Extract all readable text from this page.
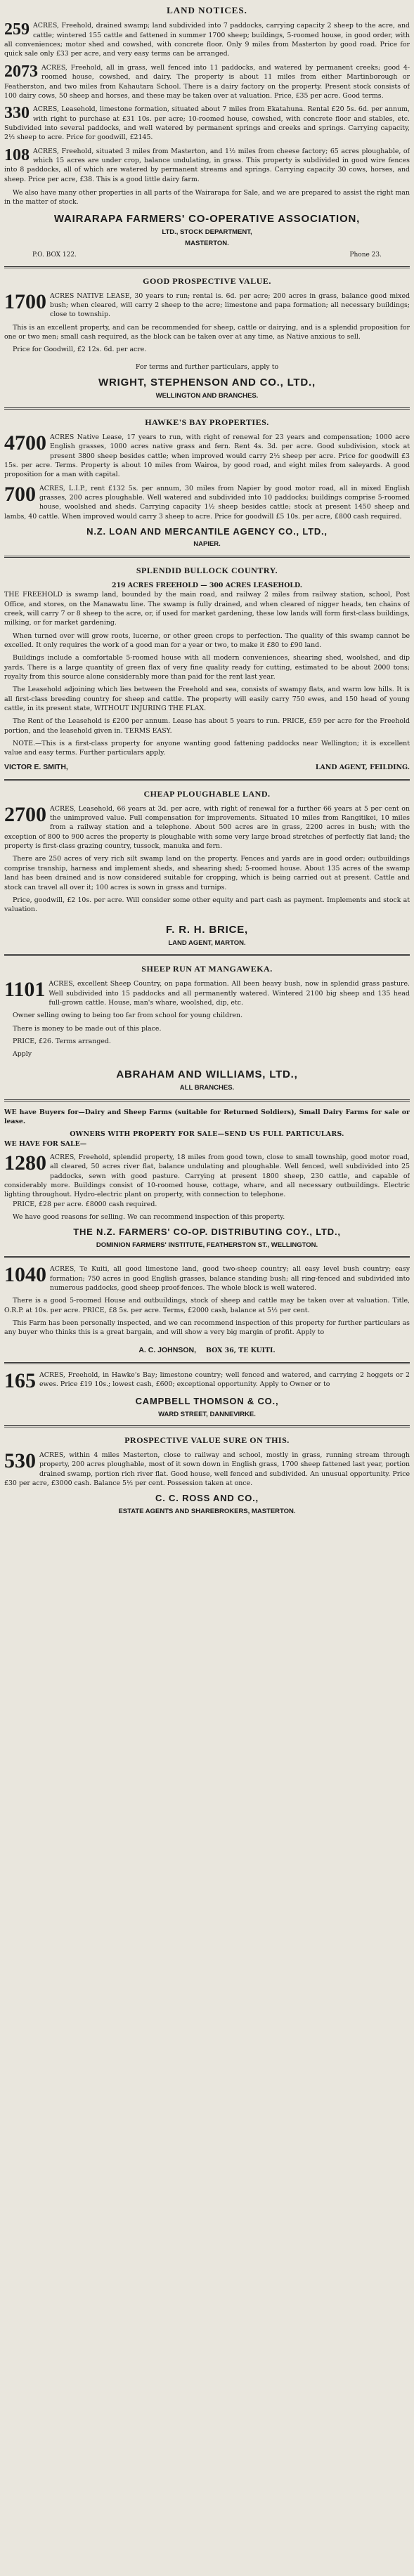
LAND NOTICES.
259 ACRES, Freehold, drained swamp; land subdivided into 7 paddocks, carrying capacity 2 sheep to the acre, and cattle; wintered 155 cattle and fattened in summer 1700 sheep; buildings, 5-roomed house, in good order, with all conveniences; motor shed and cowshed, with concrete floor. Only 9 miles from Masterton by good road. Price for quick sale only £33 per acre, and very easy terms can be arranged.
2073 ACRES, Freehold, all in grass, well fenced into 11 paddocks, and watered by permanent creeks; good 4-roomed house, cowshed, and dairy. The property is about 11 miles from either Martinborough or Featherston, and two miles from Kahautara School. There is a dairy factory on the property. Present stock consists of 100 dairy cows, 50 sheep and horses, and these may be taken over at valuation. Price, £35 per acre. Good terms.
330 ACRES, Leasehold, limestone formation, situated about 7 miles from Ekatahuna. Rental £20 5s. 6d. per annum, with right to purchase at £31 10s. per acre; 10-roomed house, cowshed, with concrete floor and stables, etc. Subdivided into several paddocks, and well watered by permanent springs and creeks and springs. Carrying capacity, 2½ sheep to acre. Price for goodwill, £2145.
108 ACRES, Freehold, situated 3 miles from Masterton, and 1½ miles from cheese factory; 65 acres ploughable, of which 15 acres are under crop, balance undulating, in grass. This property is subdivided in good wire fences into 8 paddocks, all of which are watered by permanent streams and springs. Carrying capacity 30 cows, horses, and sheep. Price per acre, £38. This is a good little dairy farm.
We also have many other properties in all parts of the Wairarapa for Sale, and we are prepared to assist the right man in the matter of stock.
WAIRARAPA FARMERS' CO-OPERATIVE ASSOCIATION,
LTD., STOCK DEPARTMENT,
MASTERTON.
P.O. BOX 122.	Phone 23.
GOOD PROSPECTIVE VALUE.
1700 ACRES NATIVE LEASE, 30 years to run; rental is. 6d. per acre; 200 acres in grass, balance good mixed bush; when cleared, will carry 2 sheep to the acre; limestone and papa formation; all necessary buildings; close to township.

This is an excellent property, and can be recommended for sheep, cattle or dairying, and is a splendid proposition for one or two men; small cash required, as the block can be taken over at any time, as Native anxious to sell.

Price for Goodwill, £2 12s. 6d. per acre.

For terms and further particulars, apply to
WRIGHT, STEPHENSON AND CO., LTD.,
WELLINGTON AND BRANCHES.
HAWKE'S BAY PROPERTIES.
4700 ACRES Native Lease, 17 years to run, with right of renewal for 23 years and compensation; 1000 acre English grasses, 1000 acres native grass and fern. Rent 4s. 3d. per acre. Good subdivision, stock at present 3800 sheep besides cattle; when improved would carry 2½ sheep per acre. Price for goodwill £3 15s. per acre. Terms. Property is about 10 miles from Wairoa, by good road, and eight miles from saleyards. A good proposition for a man with capital.
700 ACRES, L.I.P., rent £132 5s. per annum, 30 miles from Napier by good motor road, all in mixed English grasses, 200 acres ploughable. Well watered and subdivided into 10 paddocks; buildings comprise 5-roomed house, woolshed and sheds. Carrying capacity 1½ sheep besides cattle; stock at present 1450 sheep and lambs, 40 cattle. When improved would carry 3 sheep to acre. Price for goodwill £5 10s. per acre, £800 cash required.
N.Z. LOAN AND MERCANTILE AGENCY CO., LTD.,
NAPIER.
SPLENDID BULLOCK COUNTRY.
219 ACRES FREEHOLD — 300 ACRES LEASEHOLD.

THE FREEHOLD is swamp land, bounded by the main road, and railway 2 miles from railway station, school, Post Office, and stores, on the Manawatu line. The swamp is fully drained, and when cleared of nigger heads, ten chains of creek, will carry 7 or 8 sheep to the acre, or, if used for market gardening, these low lands will form first-class buildings, milking, or for market gardening.

When turned over will grow roots, lucerne, or other green crops to perfection. The quality of this swamp cannot be excelled. It only requires the work of a good man for a year or two, to make it £80 to £90 land.

Buildings include a comfortable 5-roomed house with all modern conveniences, shearing shed, woolshed, and dip yards. There is a large quantity of green flax of very fine quality ready for cutting, estimated to be about 2000 tons; royalty from this source alone considerably more than paid for the rent last year.

The Leasehold adjoining which lies between the Freehold and sea, consists of swampy flats, and warm low hills. It is all first-class breeding country for sheep and cattle. The property will easily carry 750 ewes, and 150 head of young cattle, in its present state, WITHOUT INJURING THE FLAX.

The Rent of the Leasehold is £200 per annum. Lease has about 5 years to run. PRICE, £59 per acre for the Freehold portion, and the leasehold given in. TERMS EASY.

NOTE.—This is a first-class property for anyone wanting good fattening paddocks near Wellington; it is excellent value and easy terms. Further particulars apply.

VICTOR E. SMITH,	LAND AGENT, FEILDING.
CHEAP PLOUGHABLE LAND.
2700 ACRES, Leasehold, 66 years at 3d. per acre, with right of renewal for a further 66 years at 5 per cent on the unimproved value. Full compensation for improvements. Situated 10 miles from Rangitikei, 10 miles from a railway station and a telephone. About 500 acres are in grass, 2200 acres in bush; with the exception of 800 to 900 acres the property is ploughable with some very large broad stretches of perfectly flat land; the property is first-class grazing country, tussock, manuka and fern.

There are 250 acres of very rich silt swamp land on the property. Fences and yards are in good order; outbuildings comprise tranship, harness and implement sheds, and shearing shed; 5-roomed house. About 135 acres of the swamp land has been drained and is now considered suitable for cropping, which is being carried out at present. Cattle and stock can travel all over it; 100 acres is sown in grass and turnips.

Price, goodwill, £2 10s. per acre. Will consider some other equity and part cash as payment. Implements and stock at valuation.

F. R. H. BRICE,
LAND AGENT, MARTON.
SHEEP RUN AT MANGAWEKA.
1101 ACRES, excellent Sheep Country, on papa formation. All been heavy bush, now in splendid grass pasture. Well subdivided into 15 paddocks and all permanently watered. Wintered 2100 big sheep and 135 head full-grown cattle. House, man's whare, woolshed, dip, etc.

Owner selling owing to being too far from school for young children.

There is money to be made out of this place.

PRICE, £26. Terms arranged.

Apply

ABRAHAM AND WILLIAMS, LTD.,
ALL BRANCHES.

WE have Buyers for—Dairy and Sheep Farms (suitable for Returned Soldiers), Small Dairy Farms for sale or lease.

OWNERS WITH PROPERTY FOR SALE—SEND US FULL PARTICULARS.
WE HAVE FOR SALE—
1280 ACRES, Freehold, splendid property, 18 miles from good town, close to small township, good motor road, all cleared, 50 acres river flat, balance undulating and ploughable. Well fenced, well subdivided into 25 paddocks, sewn with good pasture. Carrying at present 1800 sheep, 230 cattle, and capable of considerably more. Buildings consist of 10-roomed house, cottage, whare, and all necessary outbuildings. Electric lighting throughout. Hydro-electric plant on property, with connection to telephone.

PRICE, £28 per acre. £8000 cash required.

We have good reasons for selling. We can recommend inspection of this property.

THE N.Z. FARMERS' CO-OP. DISTRIBUTING COY., LTD.,
DOMINION FARMERS' INSTITUTE, FEATHERSTON ST., WELLINGTON.
1040 ACRES, Te Kuiti, all good limestone land, good two-sheep country; all easy level bush country; easy formation; 750 acres in good English grasses, balance standing bush; all ring-fenced and subdivided into numerous paddocks, good sheep proof-fences. The whole block is well watered.

There is a good 5-roomed House and outbuildings, stock of sheep and cattle may be taken over at valuation. Title, O.R.P. at 10s. per acre. PRICE, £8 5s. per acre. Terms, £2000 cash, balance at 5½ per cent.

This Farm has been personally inspected, and we can recommend inspection of this property for further particulars as any buyer who thinks this is a great bargain, and will show a very big margin of profit. Apply to

A. C. JOHNSON, BOX 36, TE KUITI.
165 ACRES, Freehold, in Hawke's Bay; limestone country; well fenced and watered, and carrying 2 hoggets or 2 ewes. Price £19 10s.; lowest cash, £600; exceptional opportunity. Apply to Owner or to
CAMPBELL THOMSON & CO.,
WARD STREET, DANNEVIRKE.
PROSPECTIVE VALUE SURE ON THIS.
530 ACRES, within 4 miles Masterton, close to railway and school, mostly in grass, running stream through property, 200 acres ploughable, most of it sown down in English grass, 1700 sheep fattened last year, portion drained swamp, portion rich river flat. Good house, well fenced and subdivided. An unusual opportunity. Price £30 per acre, £3000 cash. Balance 5½ per cent. Possession taken at once.
C. C. ROSS AND CO.,
ESTATE AGENTS AND SHAREBROKERS, MASTERTON.
